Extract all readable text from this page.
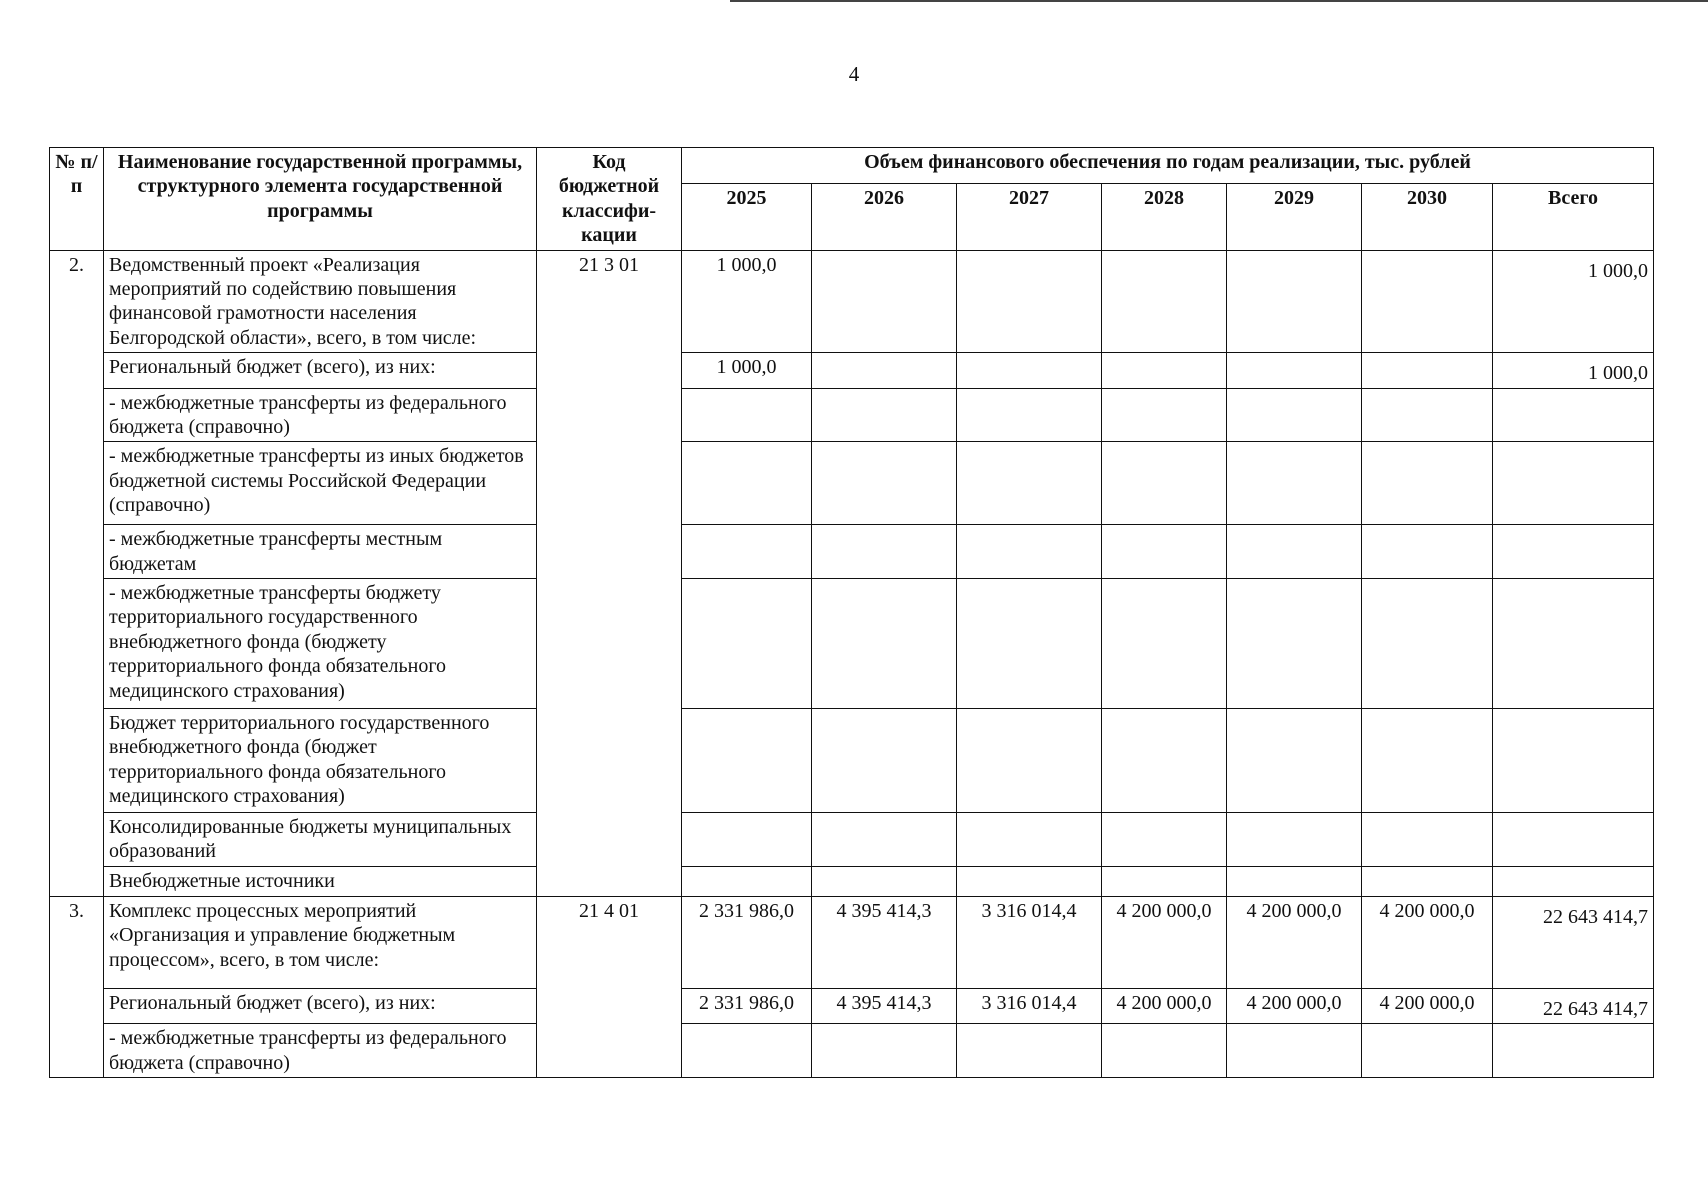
4
№ п/п	Наименование государственной программы, структурного элемента государственной программы	Код бюджетной классифи-кации	Объем финансового обеспечения по годам реализации, тыс. рублей						
			2025	2026	2027	2028	2029	2030	Всего
2.	Ведомственный проект «Реализация мероприятий по содействию повышения финансовой грамотности населения Белгородской области», всего, в том числе:	21 3 01	1 000,0						1 000,0
	Региональный бюджет (всего), из них:		1 000,0						1 000,0
	- межбюджетные трансферты из федерального бюджета (справочно)								
	- межбюджетные трансферты из иных бюджетов бюджетной системы Российской Федерации (справочно)								
	- межбюджетные трансферты местным бюджетам								
	- межбюджетные трансферты бюджету территориального государственного внебюджетного фонда (бюджету территориального фонда обязательного медицинского страхования)								
	Бюджет территориального государственного внебюджетного фонда (бюджет территориального фонда обязательного медицинского страхования)								
	Консолидированные бюджеты муниципальных образований								
	Внебюджетные источники								
3.	Комплекс процессных мероприятий «Организация и управление бюджетным процессом», всего, в том числе:	21 4 01	2 331 986,0	4 395 414,3	3 316 014,4	4 200 000,0	4 200 000,0	4 200 000,0	22 643 414,7
	Региональный бюджет (всего), из них:		2 331 986,0	4 395 414,3	3 316 014,4	4 200 000,0	4 200 000,0	4 200 000,0	22 643 414,7
	- межбюджетные трансферты из федерального бюджета (справочно)								
